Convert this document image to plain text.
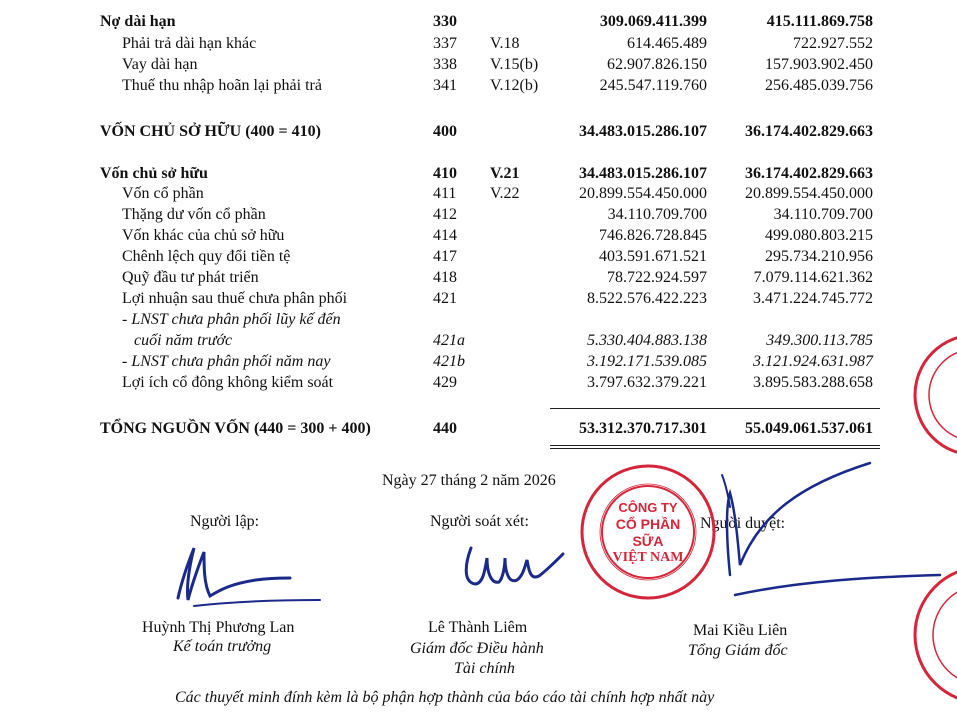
Nợ dài hạn	330	309.069.411.399	415.111.869.758
Phải trả dài hạn khác	337 V.18	614.465.489	722.927.552
Vay dài hạn	338 V.15(b)	62.907.826.150	157.903.902.450
Thuế thu nhập hoãn lại phải trả	341 V.12(b)	245.547.119.760	256.485.039.756
VỐN CHỦ SỞ HỮU (400 = 410)	400	34.483.015.286.107 36.174.402.829.663
Vốn chủ sở hữu	410 V.21	34.483.015.286.107 36.174.402.829.663
Vốn cổ phần	411 V.22	20.899.554.450.000 20.899.554.450.000
Thặng dư vốn cổ phần	412	34.110.709.700	34.110.709.700
Vốn khác của chủ sở hữu	414	746.826.728.845	499.080.803.215
Chênh lệch quy đổi tiền tệ	417	403.591.671.521	295.734.210.956
Quỹ đầu tư phát triển	418	78.722.924.597	7.079.114.621.362
Lợi nhuận sau thuế chưa phân phối	421	8.522.576.422.223	3.471.224.745.772
- LNST chưa phân phối lũy kế đến
cuối năm trước	421a	5.330.404.883.138	349.300.113.785
- LNST chưa phân phối năm nay	421b	3.192.171.539.085	3.121.924.631.987
Lợi ích cổ đông không kiểm soát	429	3.797.632.379.221	3.895.583.288.658
TỔNG NGUỒN VỐN (440 = 300 + 400)	440	53.312.370.717.301 55.049.061.537.061
Ngày 27 tháng 2 năm 2026
Người lập:	Người soát xét:	Người duyệt:
CÔNG TY
CỔ PHẦN
SỮA
VIỆT NAM
Huỳnh Thị Phương Lan
Kế toán trưởng
Lê Thành Liêm
Giám đốc Điều hành
Tài chính
Mai Kiều Liên
Tổng Giám đốc
Các thuyết minh đính kèm là bộ phận hợp thành của báo cáo tài chính hợp nhất này
